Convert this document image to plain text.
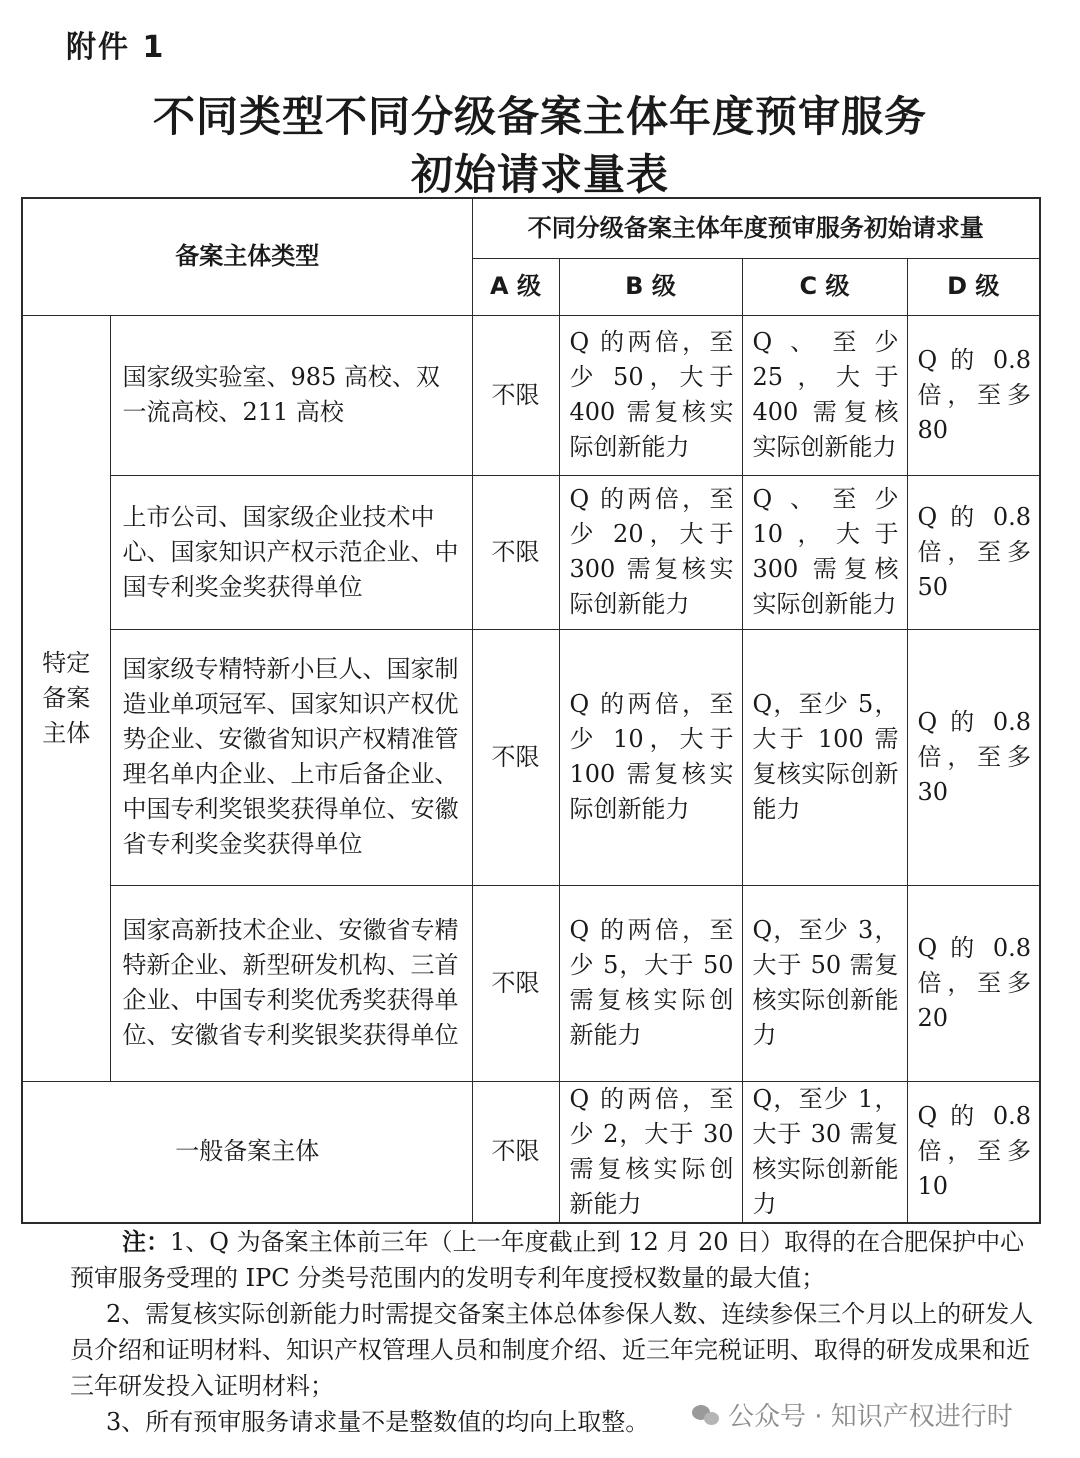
附件 1
不同类型不同分级备案主体年度预审服务
初始请求量表
备案主体类型		不同分级备案主体年度预审服务初始请求量			
		A 级	B 级	C 级	D 级

特定
备案
主体	国家级实验室、985 高校、双一流高校、211 高校	不限	Q 的两倍，至少 50，大于 400 需复核实际创新能力	Q、至少 25，大于 400 需复核实际创新能力	Q 的 0.8 倍，至多 80
	上市公司、国家级企业技术中心、国家知识产权示范企业、中国专利奖金奖获得单位	不限	Q 的两倍，至少 20，大于 300 需复核实际创新能力	Q、至少 10，大于 300 需复核实际创新能力	Q 的 0.8 倍，至多 50
	国家级专精特新小巨人、国家制造业单项冠军、国家知识产权优势企业、安徽省知识产权精准管理名单内企业、上市后备企业、中国专利奖银奖获得单位、安徽省专利奖金奖获得单位	不限	Q 的两倍，至少 10，大于 100 需复核实际创新能力	Q，至少 5，大于 100 需复核实际创新能力	Q 的 0.8 倍，至多 30
	国家高新技术企业、安徽省专精特新企业、新型研发机构、三首企业、中国专利奖优秀奖获得单位、安徽省专利奖银奖获得单位	不限	Q 的两倍，至少 5，大于 50 需复核实际创新能力	Q，至少 3，大于 50 需复核实际创新能力	Q 的 0.8 倍，至多 20
一般备案主体		不限	Q 的两倍，至少 2，大于 30 需复核实际创新能力	Q，至少 1，大于 30 需复核实际创新能力	Q 的 0.8 倍，至多 10

注：1、Q 为备案主体前三年（上一年度截止到 12 月 20 日）取得的在合肥保护中心预审服务受理的 IPC 分类号范围内的发明专利年度授权数量的最大值；

2、需复核实际创新能力时需提交备案主体总体参保人数、连续参保三个月以上的研发人员介绍和证明材料、知识产权管理人员和制度介绍、近三年完税证明、取得的研发成果和近三年研发投入证明材料；

3、所有预审服务请求量不是整数值的均向上取整。	公众号 · 知识产权进行时
